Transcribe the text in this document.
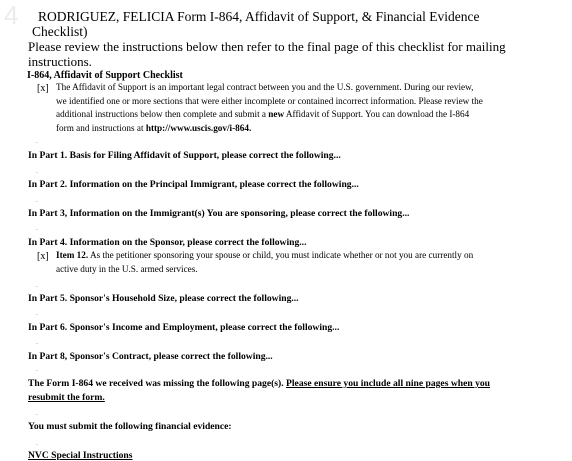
4 RODRIGUEZ, FELICIA Form I-864, Affidavit of Support, & Financial Evidence
Checklist)
Please review the instructions below then refer to the final page of this checklist for mailing
instructions.
I-864, Affidavit of Support Checklist
[x] The Affidavit of Support is an important legal contract between you and the U.S. government. During our review,
we identified one or more sections that were either incomplete or contained incorrect information. Please review the
additional instructions below then complete and submit a new Affidavit of Support. You can download the I-864
form and instructions at http://www.uscis.gov/i-864.
.
In Part 1. Basis for Filing Affidavit of Support, please correct the following...
.
In Part 2. Information on the Principal Immigrant, please correct the following...
.
In Part 3, Information on the Immigrant(s) You are sponsoring, please correct the following...
.
In Part 4. Information on the Sponsor, please correct the following...
[x] Item 12. As the petitioner sponsoring your spouse or child, you must indicate whether or not you are currently on
active duty in the U.S. armed services.
.
In Part 5. Sponsor's Household Size, please correct the following...
.
In Part 6. Sponsor's Income and Employment, please correct the following...
.
In Part 8, Sponsor's Contract, please correct the following...
.
The Form I-864 we received was missing the following page(s). Please ensure you include all nine pages when you
resubmit the form.
.
You must submit the following financial evidence:
.
NVC Special Instructions
